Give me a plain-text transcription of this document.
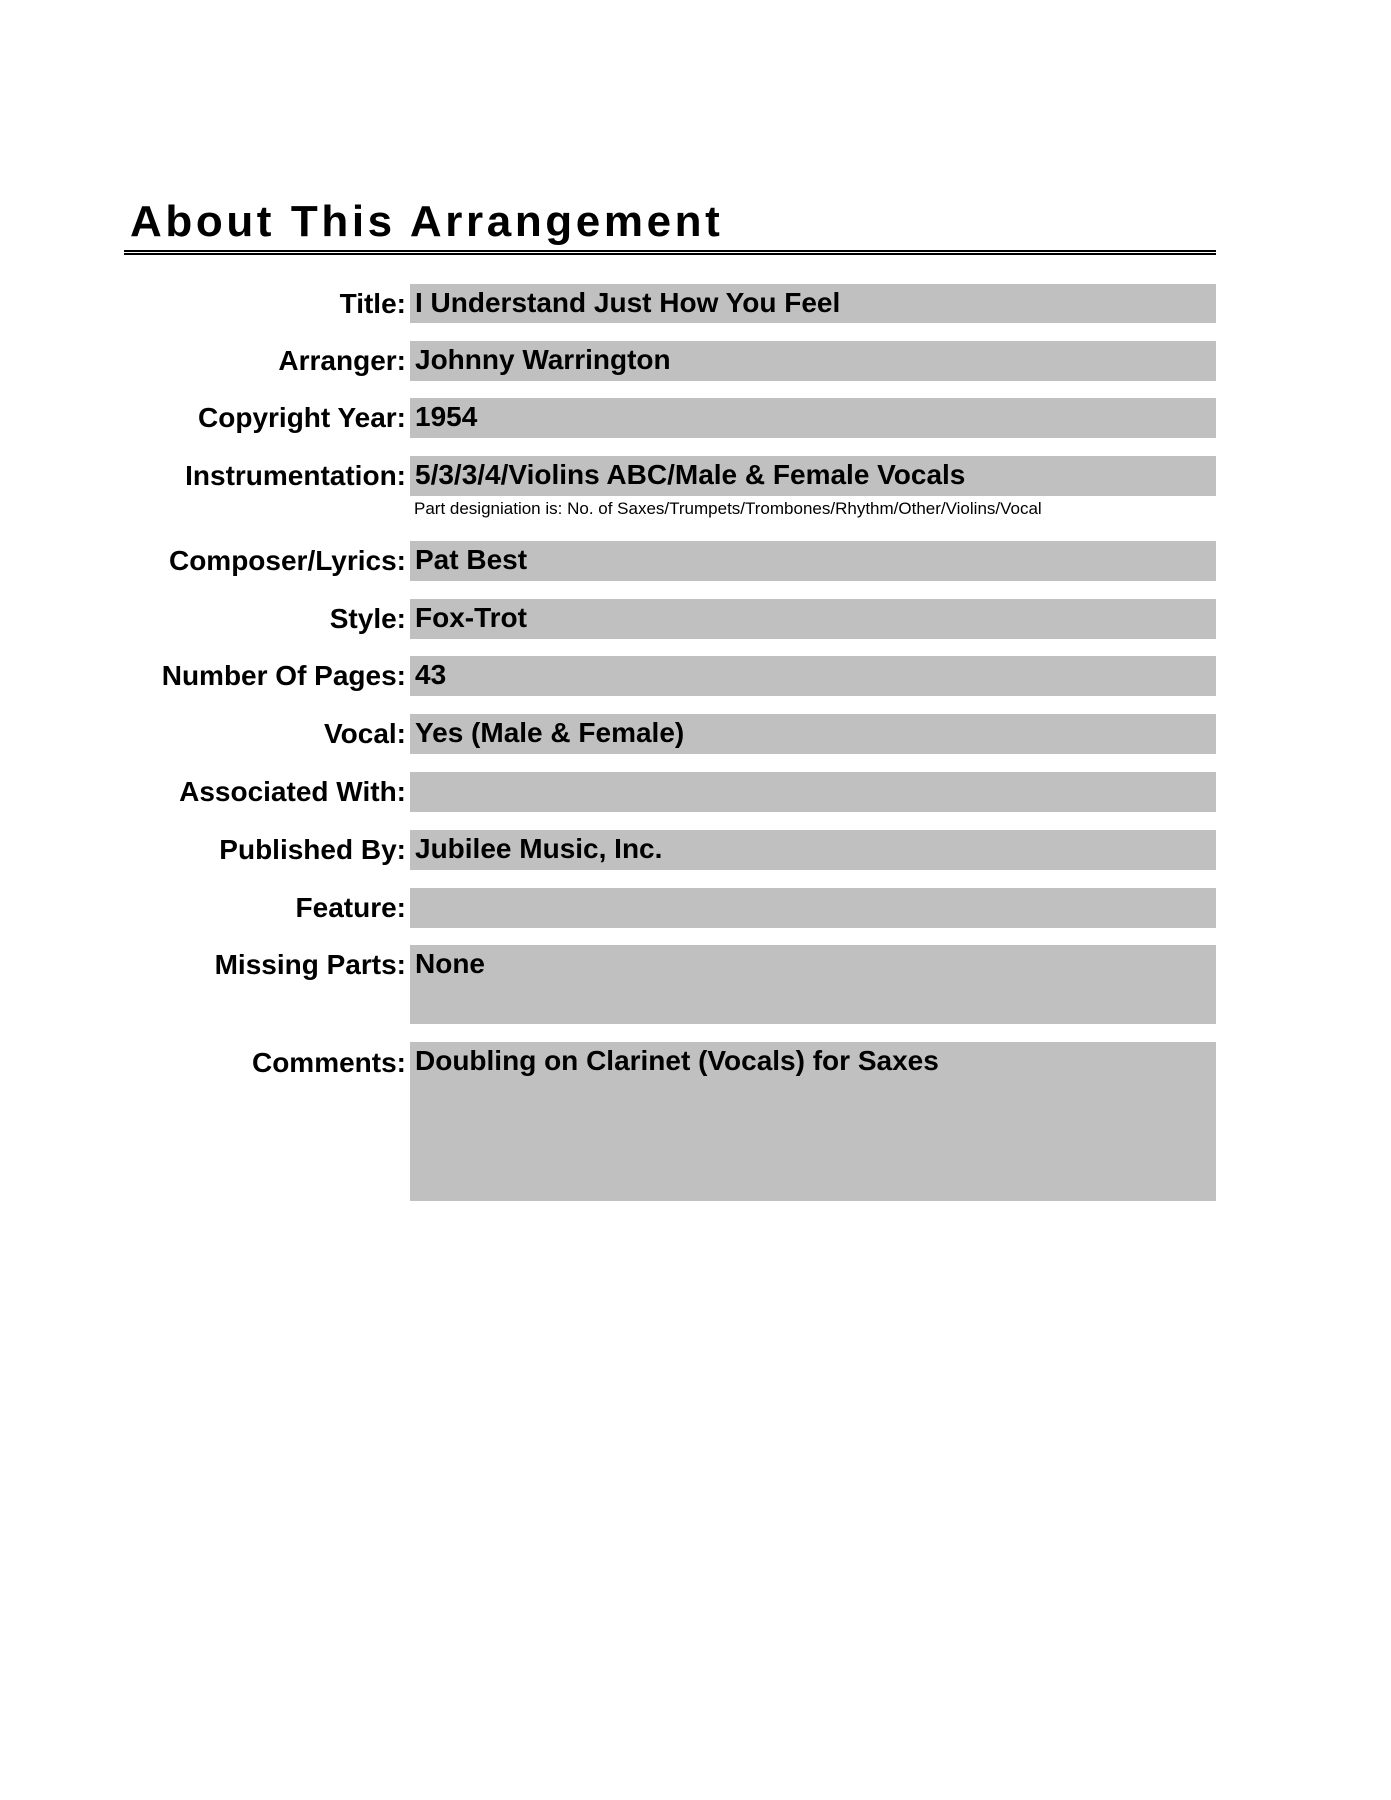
About This Arrangement
Title: I Understand Just How You Feel
Arranger: Johnny Warrington
Copyright Year: 1954
Instrumentation: 5/3/3/4/Violins ABC/Male & Female Vocals
Part designiation is: No. of Saxes/Trumpets/Trombones/Rhythm/Other/Violins/Vocal
Composer/Lyrics: Pat Best
Style: Fox-Trot
Number Of Pages: 43
Vocal: Yes (Male & Female)
Associated With:
Published By: Jubilee Music, Inc.
Feature:
Missing Parts: None
Comments: Doubling on Clarinet (Vocals) for Saxes
